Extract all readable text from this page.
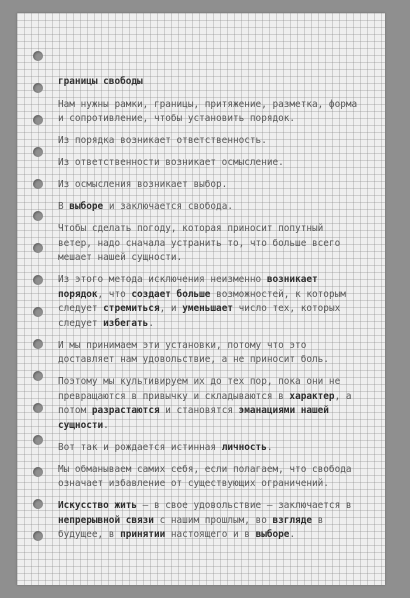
границы свободы

Нам нужны рамки, границы, притяжение, разметка, форма и сопротивление, чтобы установить порядок.

Из порядка возникает ответственность.

Из ответственности возникает осмысление.

Из осмысления возникает выбор.

В выборе и заключается свобода.

Чтобы сделать погоду, которая приносит попутный ветер, надо сначала устранить то, что больше всего мешает нашей сущности.

Из этого метода исключения неизменно возникает порядок, что создает больше возможностей, к которым следует стремиться, и уменьшает число тех, которых следует избегать.

И мы принимаем эти установки, потому что это доставляет нам удовольствие, а не приносит боль.

Поэтому мы культивируем их до тех пор, пока они не превращаются в привычку и складываются в характер, а потом разрастаются и становятся эманациями нашей сущности.

Вот так и рождается истинная личность.

Мы обманываем самих себя, если полагаем, что свобода означает избавление от существующих ограничений.

Искусство жить — в свое удовольствие — заключается в непрерывной связи с нашим прошлым, во взгляде в будущее, в принятии настоящего и в выборе.
